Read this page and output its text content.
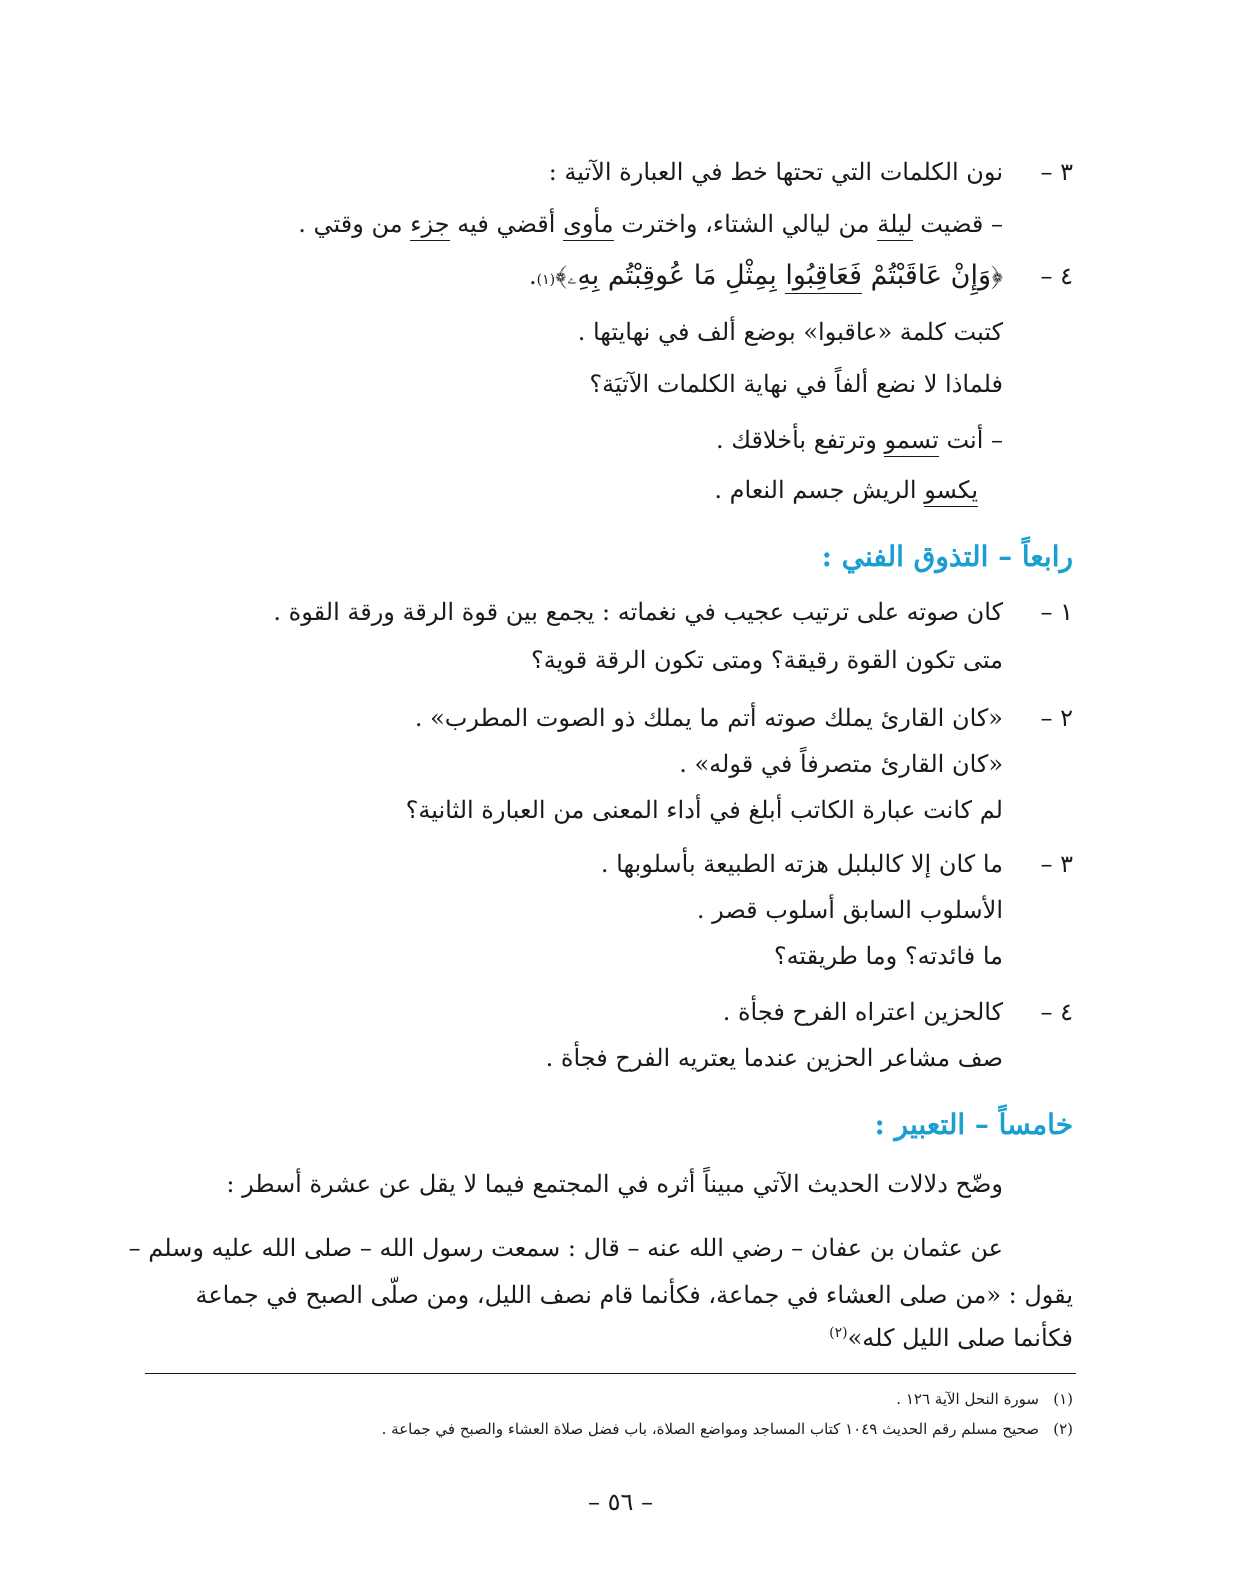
٣ –
نون الكلمات التي تحتها خط في العبارة الآتية :
– قضيت ليلة من ليالي الشتاء، واخترت مأوى أقضي فيه جزء من وقتي .
٤ –
﴿وَإِنْ عَاقَبْتُمْ فَعَاقِبُوا بِمِثْلِ مَا عُوقِبْتُم بِهِۦ﴾
(١)
.
كتبت كلمة «عاقبوا» بوضع ألف في نهايتها .
فلماذا لا نضع ألفاً في نهاية الكلمات الآتيَة؟
– أنت تسمو وترتفع بأخلاقك .
يكسو الريش جسم النعام .
رابعاً – التذوق الفني :
١ –
كان صوته على ترتيب عجيب في نغماته : يجمع بين قوة الرقة ورقة القوة .
متى تكون القوة رقيقة؟ ومتى تكون الرقة قوية؟
٢ –
«كان القارئ يملك صوته أتم ما يملك ذو الصوت المطرب» .
«كان القارئ متصرفاً في قوله» .
لم كانت عبارة الكاتب أبلغ في أداء المعنى من العبارة الثانية؟
٣ –
ما كان إلا كالبلبل هزته الطبيعة بأسلوبها .
الأسلوب السابق أسلوب قصر .
ما فائدته؟ وما طريقته؟
٤ –
كالحزين اعتراه الفرح فجأة .
صف مشاعر الحزين عندما يعتريه الفرح فجأة .
خامساً – التعبير :
وضّح دلالات الحديث الآتي مبيناً أثره في المجتمع فيما لا يقل عن عشرة أسطر :
عن عثمان بن عفان – رضي الله عنه – قال : سمعت رسول الله – صلى الله عليه وسلم –
يقول : «من صلى العشاء في جماعة، فكأنما قام نصف الليل، ومن صلّى الصبح في جماعة
فكأنما صلى الليل كله»$^{(٢)}$
(١)
سورة النحل الآية ١٢٦ .
(٢)
صحيح مسلم رقم الحديث ١٠٤٩ كتاب المساجد ومواضع الصلاة، باب فضل صلاة العشاء والصبح في جماعة .
– ٥٦ –
